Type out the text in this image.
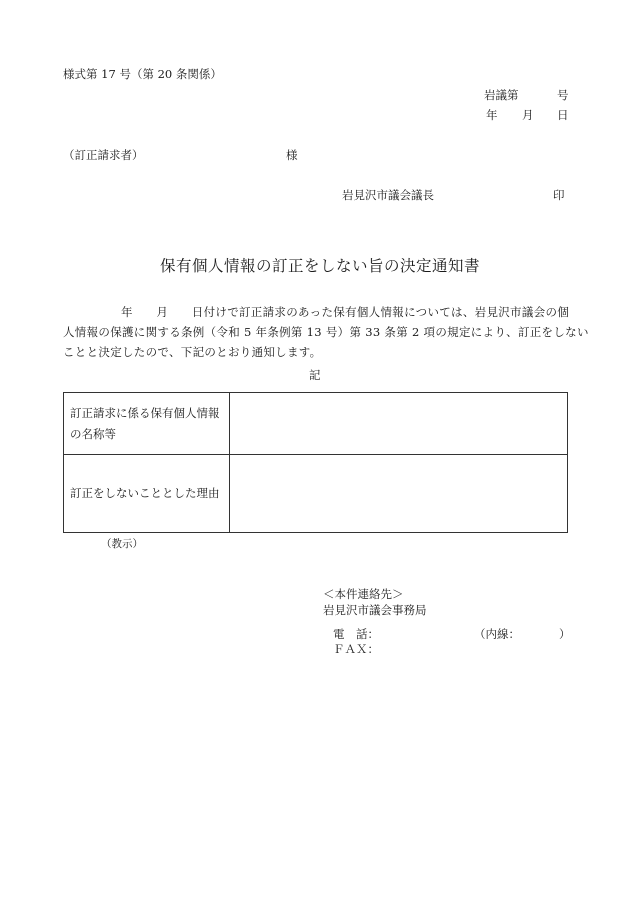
様式第 17 号（第 20 条関係）
岩議第	号
年 月 日
（訂正請求者）	様
岩見沢市議会議長	印
保有個人情報の訂正をしない旨の決定通知書
年　　月　　日付けで訂正請求のあった保有個人情報については、岩見沢市議会の個
人情報の保護に関する条例（令和 5 年条例第 13 号）第 33 条第 2 項の規定により、訂正をしない
ことと決定したので、下記のとおり通知します。
記
訂正請求に係る保有個人情報
の名称等	

訂正をしないこととした理由	
（教示）
＜本件連絡先＞
岩見沢市議会事務局
電　話：	（内線：	）
ＦＡＸ：
